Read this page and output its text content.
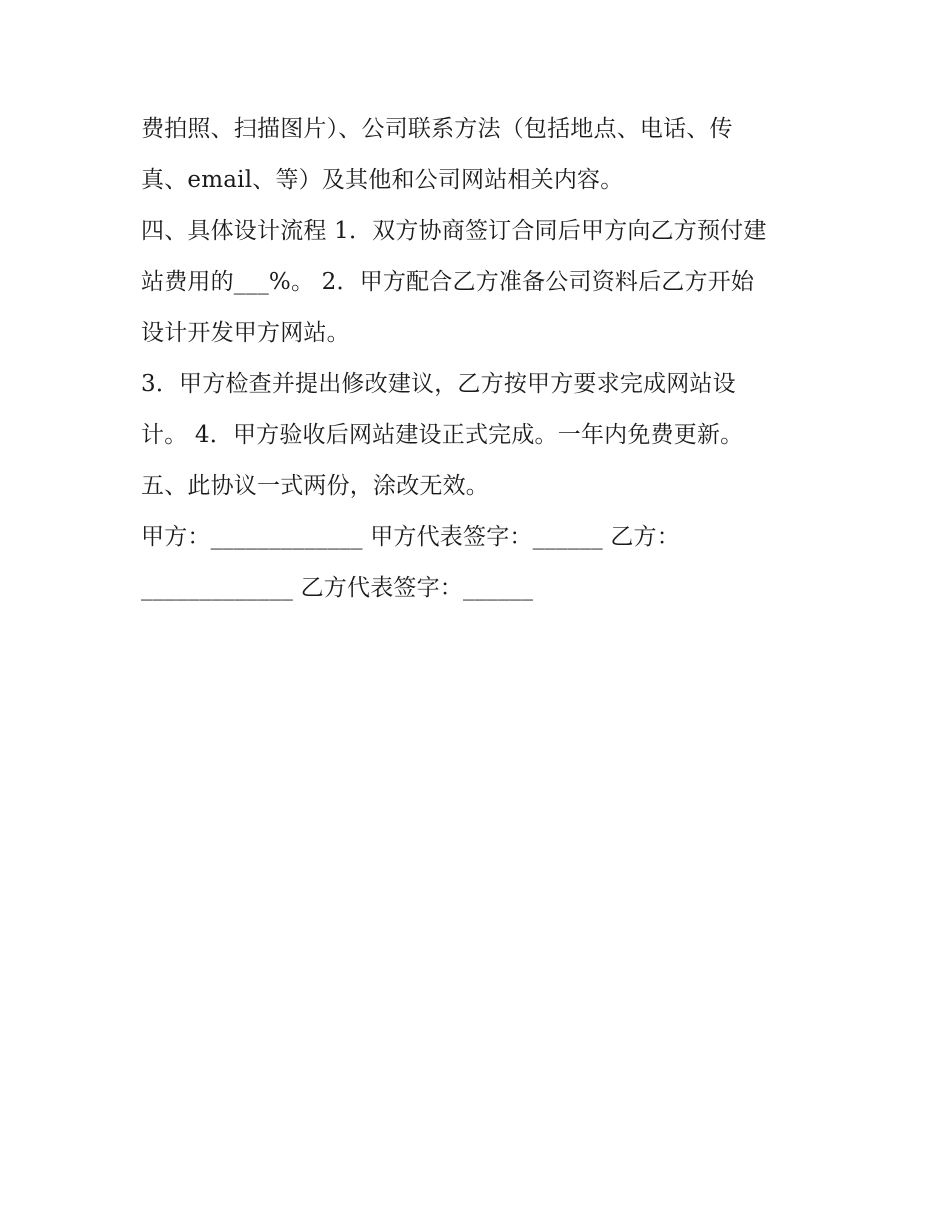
费拍照、扫描图片）、公司联系方法（包括地点、电话、传
真、email、等）及其他和公司网站相关内容。
四、具体设计流程 1．双方协商签订合同后甲方向乙方预付建
站费用的___%。 2．甲方配合乙方准备公司资料后乙方开始
设计开发甲方网站。
3．甲方检查并提出修改建议，乙方按甲方要求完成网站设
计。 4．甲方验收后网站建设正式完成。一年内免费更新。
五、此协议一式两份，涂改无效。
甲方：_____________ 甲方代表签字：______ 乙方：
_____________ 乙方代表签字：______
